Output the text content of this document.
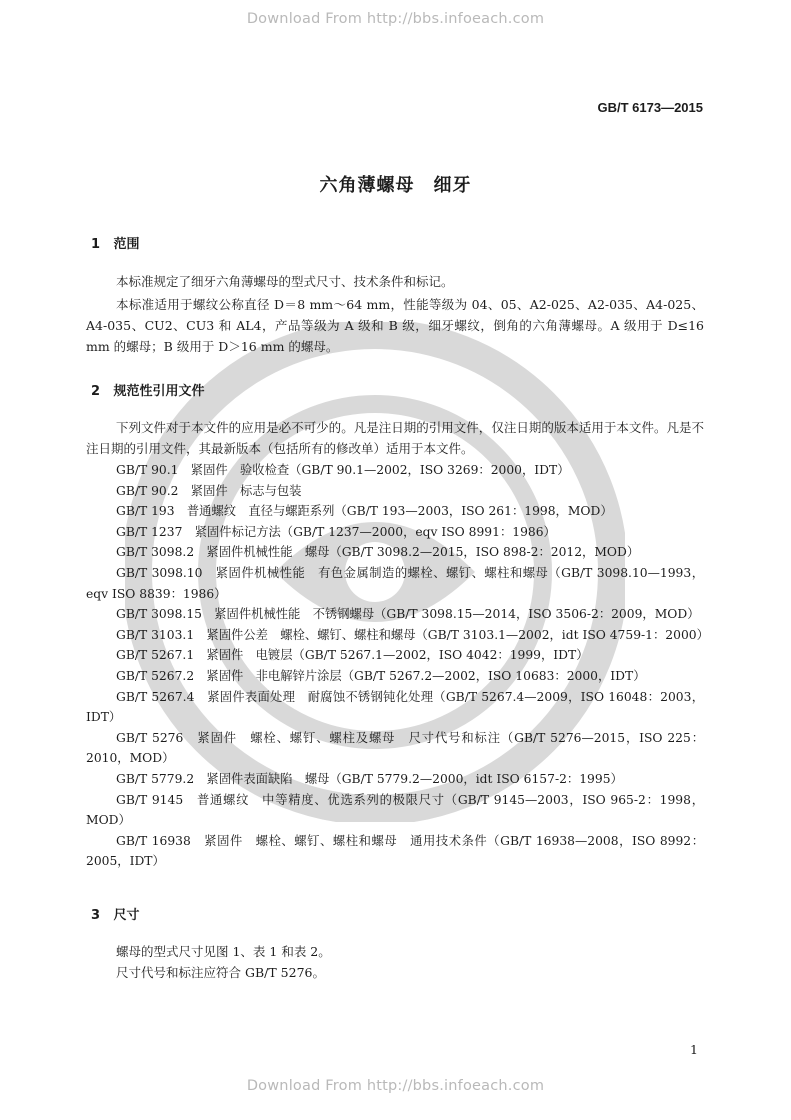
Download From http://bbs.infoeach.com
GB/T 6173—2015
六角薄螺母　细牙
1 范围
本标准规定了细牙六角薄螺母的型式尺寸、技术条件和标记。
本标准适用于螺纹公称直径 D＝8 mm～64 mm，性能等级为 04、05、A2-025、A2-035、A4-025、A4-035、CU2、CU3 和 AL4，产品等级为 A 级和 B 级，细牙螺纹，倒角的六角薄螺母。A 级用于 D≤16 mm 的螺母；B 级用于 D＞16 mm 的螺母。
2 规范性引用文件
下列文件对于本文件的应用是必不可少的。凡是注日期的引用文件，仅注日期的版本适用于本文件。凡是不注日期的引用文件，其最新版本（包括所有的修改单）适用于本文件。
GB/T 90.1　紧固件　验收检查（GB/T 90.1—2002，ISO 3269：2000，IDT）
GB/T 90.2　紧固件　标志与包装
GB/T 193　普通螺纹　直径与螺距系列（GB/T 193—2003，ISO 261：1998，MOD）
GB/T 1237　紧固件标记方法（GB/T 1237—2000，eqv ISO 8991：1986）
GB/T 3098.2　紧固件机械性能　螺母（GB/T 3098.2—2015，ISO 898-2：2012，MOD）
GB/T 3098.10　紧固件机械性能　有色金属制造的螺栓、螺钉、螺柱和螺母（GB/T 3098.10—1993，eqv ISO 8839：1986）
GB/T 3098.15　紧固件机械性能　不锈钢螺母（GB/T 3098.15—2014，ISO 3506-2：2009，MOD）
GB/T 3103.1　紧固件公差　螺栓、螺钉、螺柱和螺母（GB/T 3103.1—2002，idt ISO 4759-1：2000）
GB/T 5267.1　紧固件　电镀层（GB/T 5267.1—2002，ISO 4042：1999，IDT）
GB/T 5267.2　紧固件　非电解锌片涂层（GB/T 5267.2—2002，ISO 10683：2000，IDT）
GB/T 5267.4　紧固件表面处理　耐腐蚀不锈钢钝化处理（GB/T 5267.4—2009，ISO 16048：2003，IDT）
GB/T 5276　紧固件　螺栓、螺钉、螺柱及螺母　尺寸代号和标注（GB/T 5276—2015，ISO 225：2010，MOD）
GB/T 5779.2　紧固件表面缺陷　螺母（GB/T 5779.2—2000，idt ISO 6157-2：1995）
GB/T 9145　普通螺纹　中等精度、优选系列的极限尺寸（GB/T 9145—2003，ISO 965-2：1998，MOD）
GB/T 16938　紧固件　螺栓、螺钉、螺柱和螺母　通用技术条件（GB/T 16938—2008，ISO 8992：2005，IDT）
3 尺寸
螺母的型式尺寸见图 1、表 1 和表 2。
尺寸代号和标注应符合 GB/T 5276。
1
Download From http://bbs.infoeach.com
